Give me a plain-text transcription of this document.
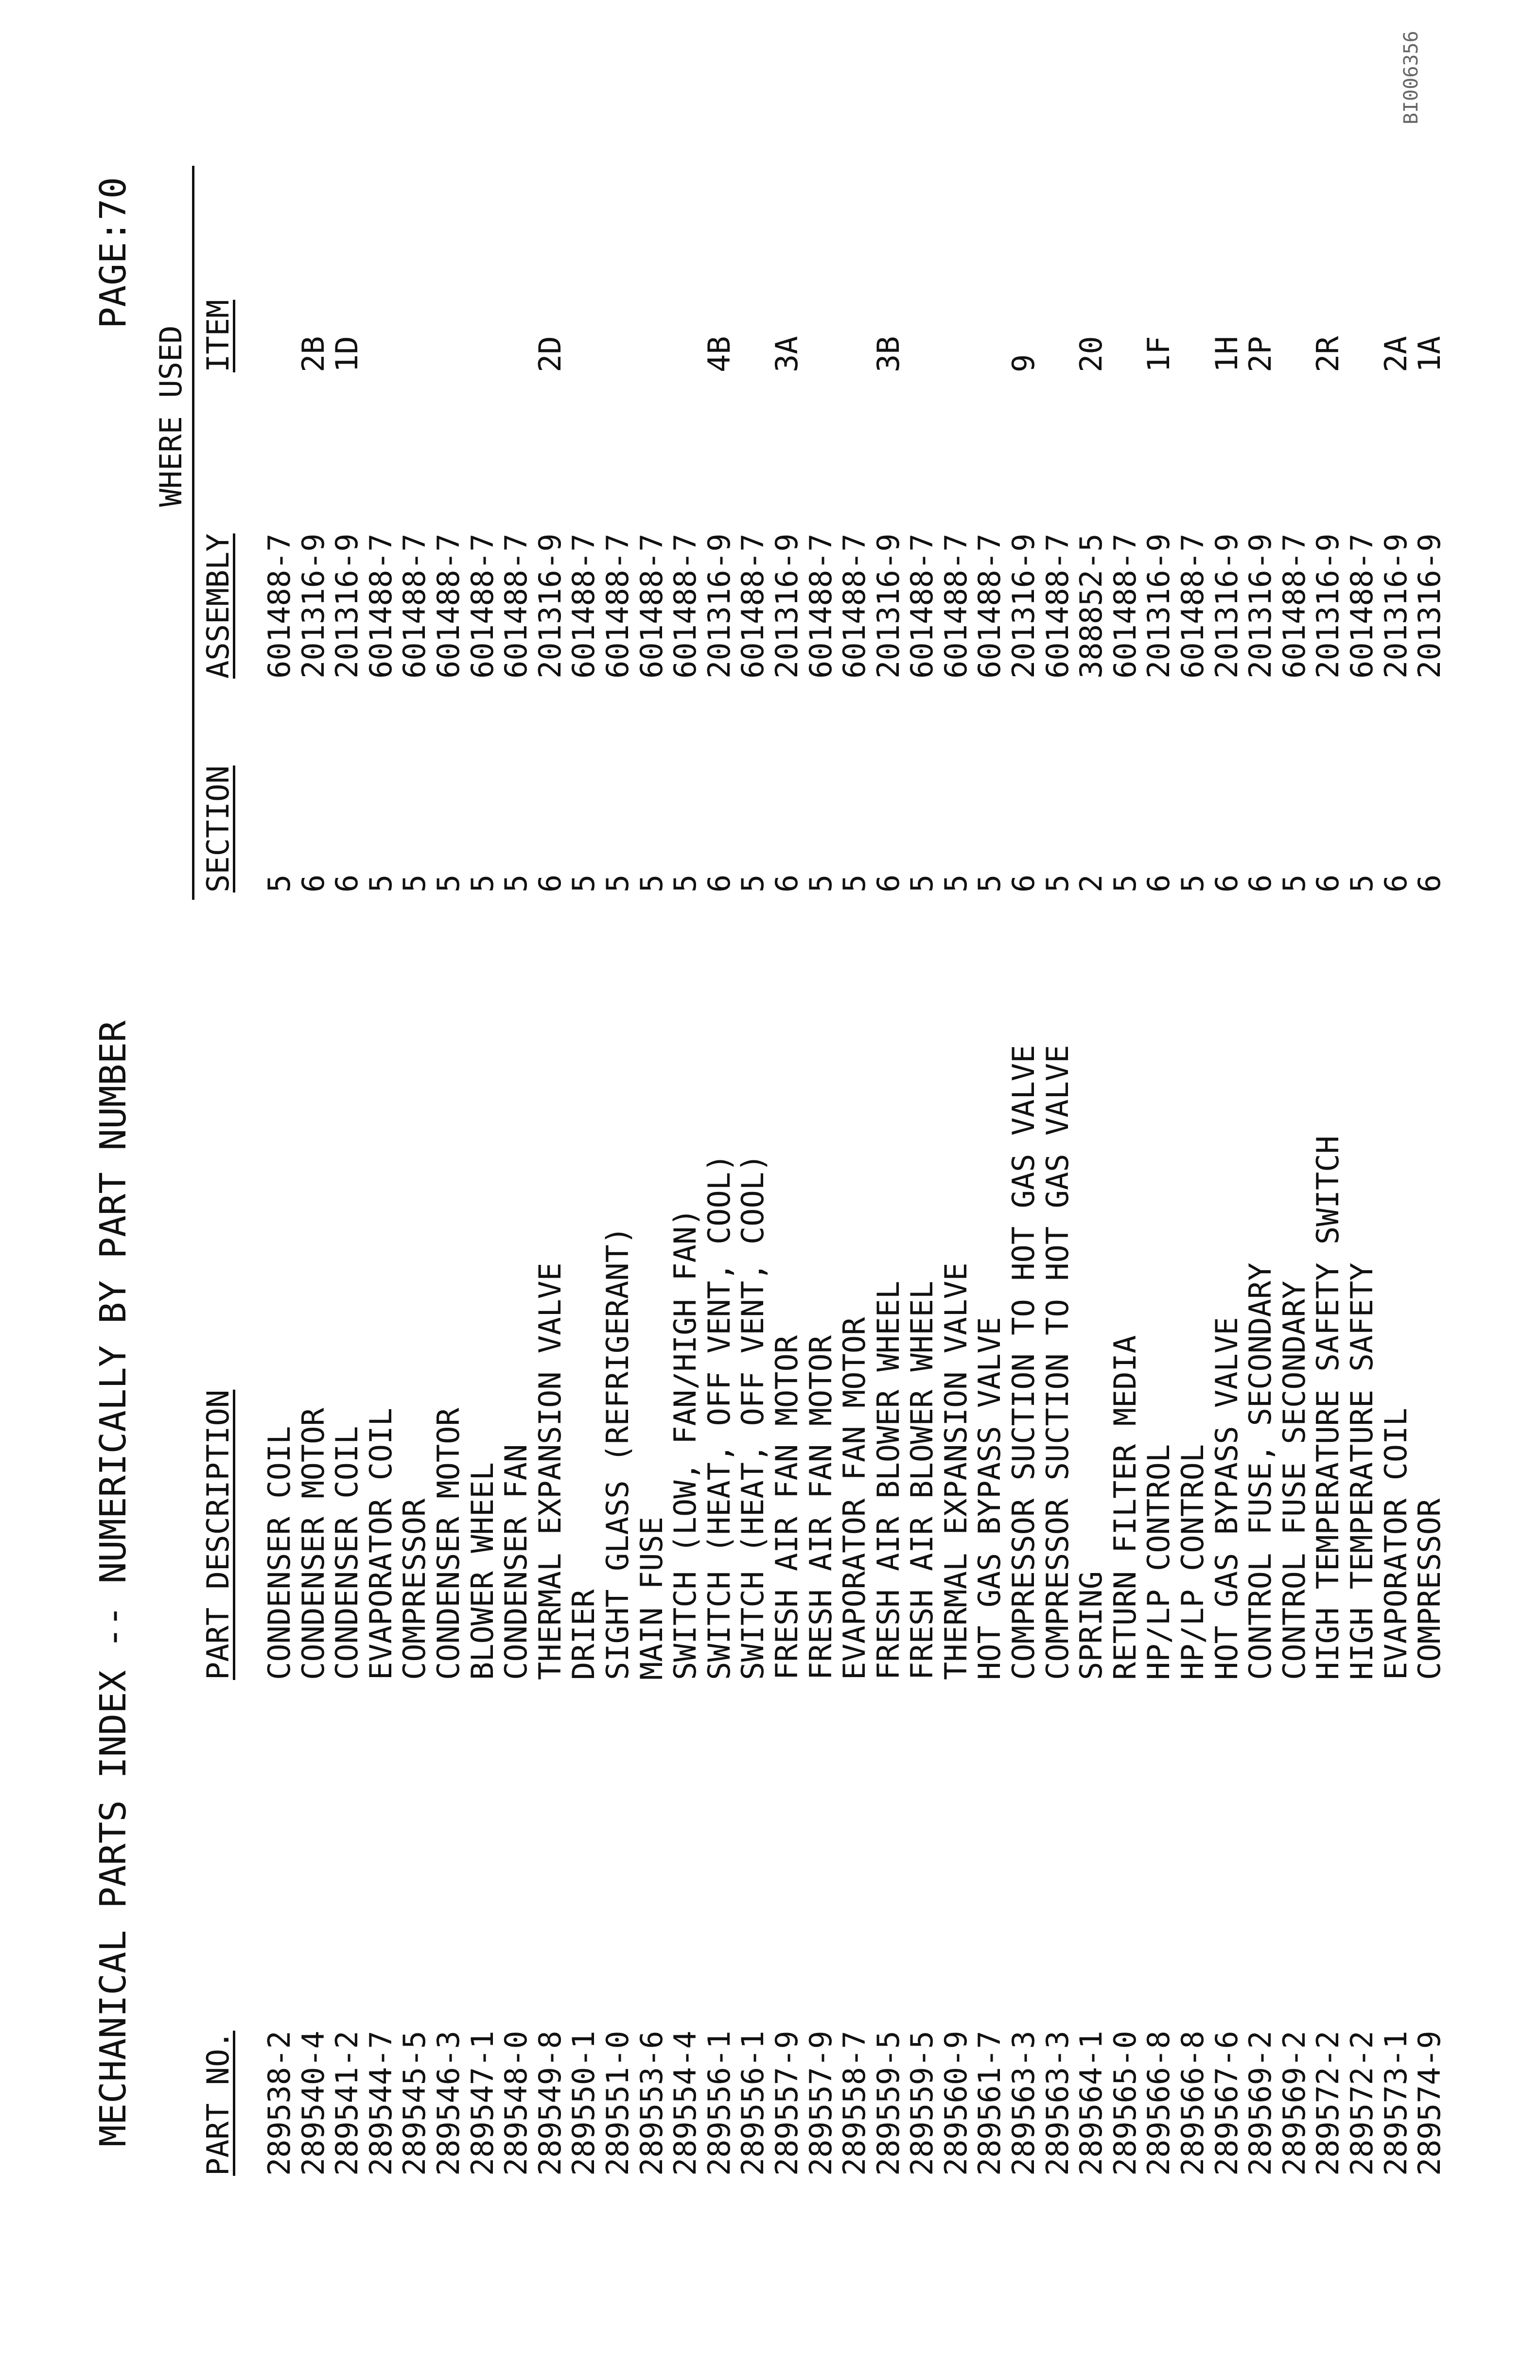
BI006356
MECHANICAL PARTS INDEX -- NUMERICALLY BY PART NUMBER
PAGE:70
WHERE USED
PART NO.
PART DESCRIPTION
SECTION
ASSEMBLY
ITEM
289538-2
CONDENSER COIL
5
601488-7
289540-4
CONDENSER MOTOR
6
201316-9
2B
289541-2
CONDENSER COIL
6
201316-9
1D
289544-7
EVAPORATOR COIL
5
601488-7
289545-5
COMPRESSOR
5
601488-7
289546-3
CONDENSER MOTOR
5
601488-7
289547-1
BLOWER WHEEL
5
601488-7
289548-0
CONDENSER FAN
5
601488-7
289549-8
THERMAL EXPANSION VALVE
6
201316-9
2D
289550-1
DRIER
5
601488-7
289551-0
SIGHT GLASS (REFRIGERANT)
5
601488-7
289553-6
MAIN FUSE
5
601488-7
289554-4
SWITCH (LOW, FAN/HIGH FAN)
5
601488-7
289556-1
SWITCH (HEAT, OFF VENT, COOL)
6
201316-9
4B
289556-1
SWITCH (HEAT, OFF VENT, COOL)
5
601488-7
289557-9
FRESH AIR FAN MOTOR
6
201316-9
3A
289557-9
FRESH AIR FAN MOTOR
5
601488-7
289558-7
EVAPORATOR FAN MOTOR
5
601488-7
289559-5
FRESH AIR BLOWER WHEEL
6
201316-9
3B
289559-5
FRESH AIR BLOWER WHEEL
5
601488-7
289560-9
THERMAL EXPANSION VALVE
5
601488-7
289561-7
HOT GAS BYPASS VALVE
5
601488-7
289563-3
COMPRESSOR SUCTION TO HOT GAS VALVE
6
201316-9
9
289563-3
COMPRESSOR SUCTION TO HOT GAS VALVE
5
601488-7
289564-1
SPRING
2
388852-5
20
289565-0
RETURN FILTER MEDIA
5
601488-7
289566-8
HP/LP CONTROL
6
201316-9
1F
289566-8
HP/LP CONTROL
5
601488-7
289567-6
HOT GAS BYPASS VALVE
6
201316-9
1H
289569-2
CONTROL FUSE, SECONDARY
6
201316-9
2P
289569-2
CONTROL FUSE SECONDARY
5
601488-7
289572-2
HIGH TEMPERATURE SAFETY SWITCH
6
201316-9
2R
289572-2
HIGH TEMPERATURE SAFETY
5
601488-7
289573-1
EVAPORATOR COIL
6
201316-9
2A
289574-9
COMPRESSOR
6
201316-9
1A
